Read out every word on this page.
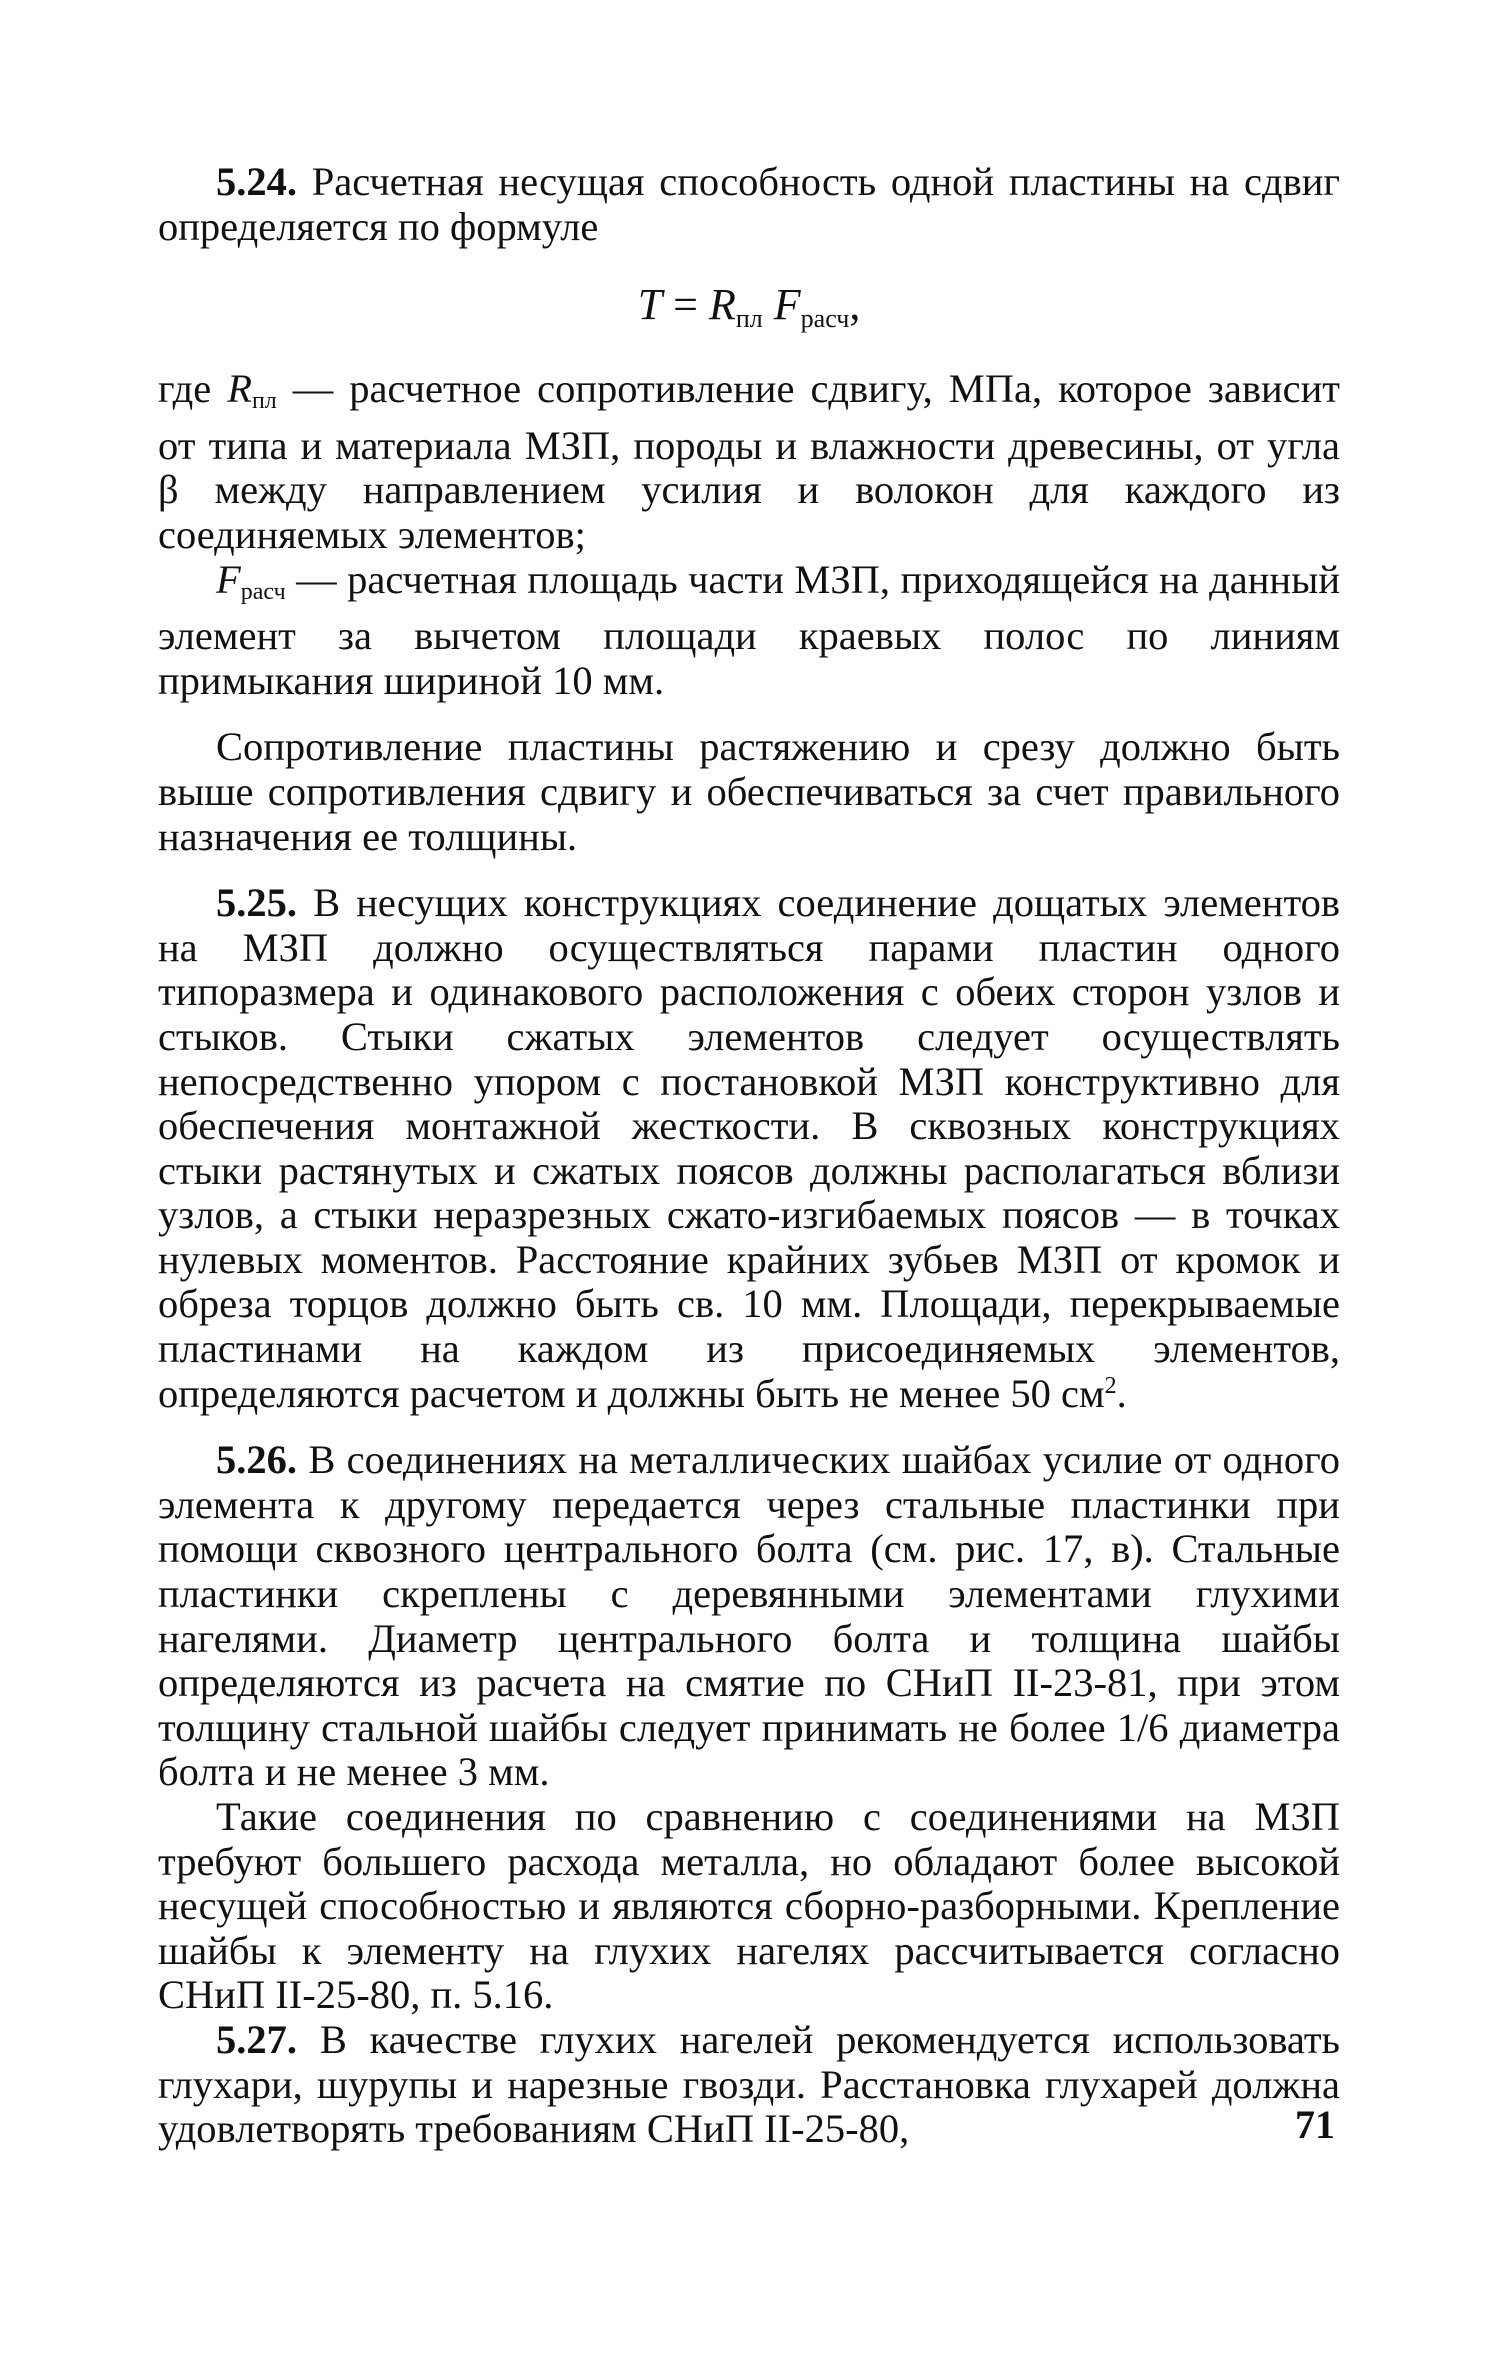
5.24. Расчетная несущая способность одной пластины на сдвиг определяется по формуле

$T = R_{пл}$ $F_{расч}$,

где $R_{пл}$ — расчетное сопротивление сдвигу, МПа, которое зависит от типа и материала МЗП, породы и влажности древесины, от угла β между направлением усилия и волокон для каждого из соединяемых элементов;

$F_{расч}$ — расчетная площадь части МЗП, приходящейся на данный элемент за вычетом площади краевых полос по линиям примыкания шириной 10 мм.

Сопротивление пластины растяжению и срезу должно быть выше сопротивления сдвигу и обеспечиваться за счет правильного назначения ее толщины.

5.25. В несущих конструкциях соединение дощатых элементов на МЗП должно осуществляться парами пластин одного типоразмера и одинакового расположения с обеих сторон узлов и стыков. Стыки сжатых элементов следует осуществлять непосредственно упором с постановкой МЗП конструктивно для обеспечения монтажной жесткости. В сквозных конструкциях стыки растянутых и сжатых поясов должны располагаться вблизи узлов, а стыки неразрезных сжато-изгибаемых поясов — в точках нулевых моментов. Расстояние крайних зубьев МЗП от кромок и обреза торцов должно быть св. 10 мм. Площади, перекрываемые пластинами на каждом из присоединяемых элементов, определяются расчетом и должны быть не менее 50 $см^2$.

5.26. В соединениях на металлических шайбах усилие от одного элемента к другому передается через стальные пластинки при помощи сквозного центрального болта (см. рис. 17, в). Стальные пластинки скреплены с деревянными элементами глухими нагелями. Диаметр центрального болта и толщина шайбы определяются из расчета на смятие по СНиП II-23-81, при этом толщину стальной шайбы следует принимать не более 1/6 диаметра болта и не менее 3 мм.

Такие соединения по сравнению с соединениями на МЗП требуют большего расхода металла, но обладают более высокой несущей способностью и являются сборно-разборными. Крепление шайбы к элементу на глухих нагелях рассчитывается согласно СНиП II-25-80, п. 5.16.

5.27. В качестве глухих нагелей рекомендуется использовать глухари, шурупы и нарезные гвозди. Расстановка глухарей должна удовлетворять требованиям СНиП II-25-80,	71
